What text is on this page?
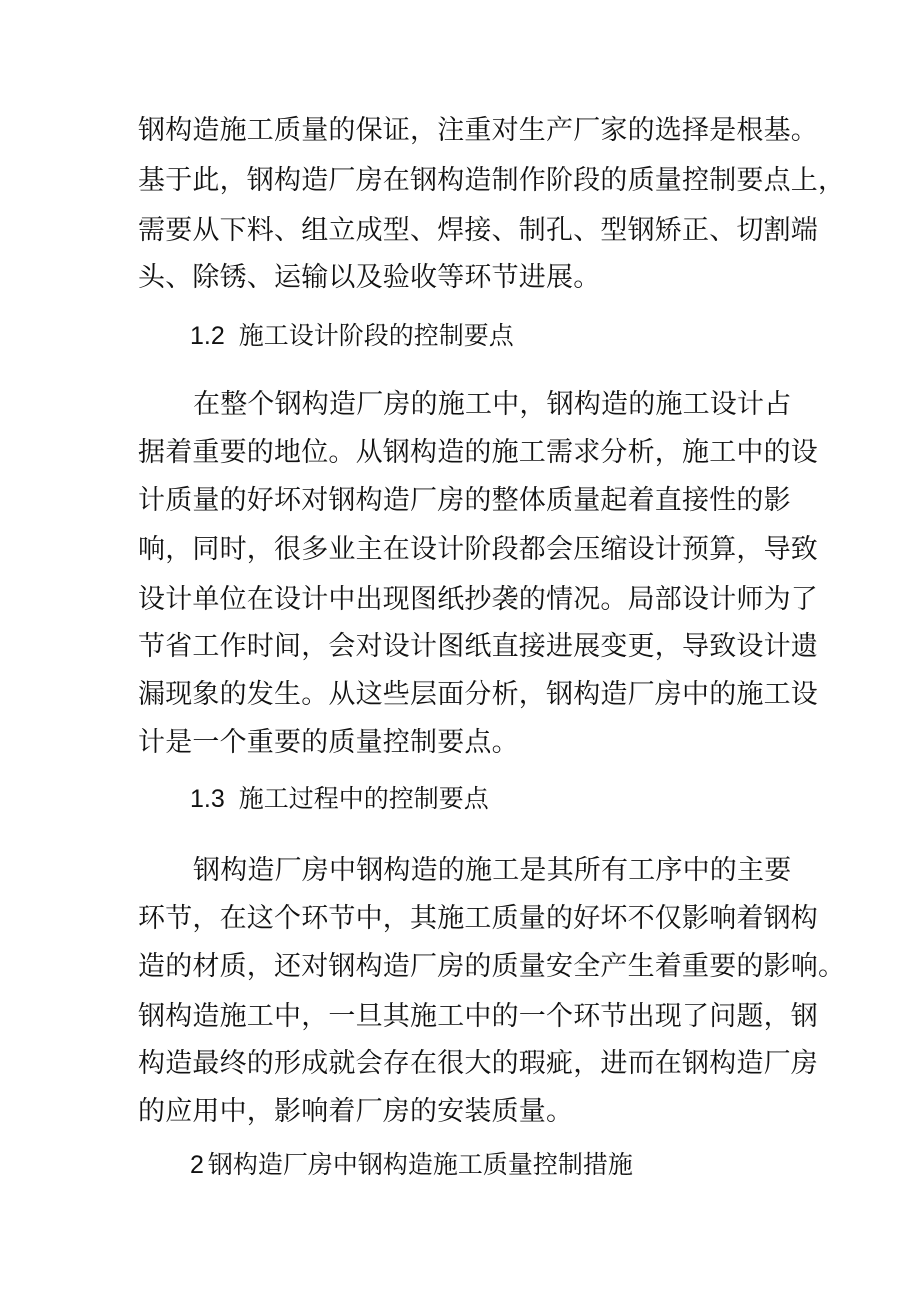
钢构造施工质量的保证，注重对生产厂家的选择是根基。
基于此，钢构造厂房在钢构造制作阶段的质量控制要点上，
需要从下料、组立成型、焊接、制孔、型钢矫正、切割端
头、除锈、运输以及验收等环节进展。
1.2 施工设计阶段的控制要点
在整个钢构造厂房的施工中，钢构造的施工设计占
据着重要的地位。从钢构造的施工需求分析，施工中的设
计质量的好坏对钢构造厂房的整体质量起着直接性的影
响，同时，很多业主在设计阶段都会压缩设计预算，导致
设计单位在设计中出现图纸抄袭的情况。局部设计师为了
节省工作时间，会对设计图纸直接进展变更，导致设计遗
漏现象的发生。从这些层面分析，钢构造厂房中的施工设
计是一个重要的质量控制要点。
1.3 施工过程中的控制要点
钢构造厂房中钢构造的施工是其所有工序中的主要
环节，在这个环节中，其施工质量的好坏不仅影响着钢构
造的材质，还对钢构造厂房的质量安全产生着重要的影响。
钢构造施工中，一旦其施工中的一个环节出现了问题，钢
构造最终的形成就会存在很大的瑕疵，进而在钢构造厂房
的应用中，影响着厂房的安装质量。
2 钢构造厂房中钢构造施工质量控制措施
